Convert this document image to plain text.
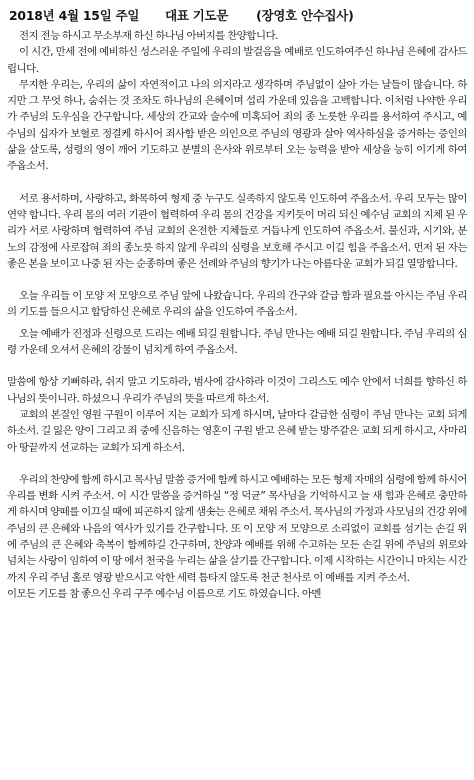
2018년 4월 15일 주일 대표 기도문 (장영호 안수집사)

전지 전능 하시고 무소부재 하신 하나님 아버지를 찬양합니다.

이 시간, 만세 전에 예비하신 성스러운 주일에 우리의 발걸음을 예배로 인도하여주신 하나님 은혜에 감사드립니다.

무지한 우리는, 우리의 삶이 자연적이고 나의 의지라고 생각하며 주님없이 살아 가는 날들이 많습니다. 하지만 그 무엇 하나, 숨쉬는 것 조차도 하나님의 은혜이며 섭리 가운데 있음을 고백합니다. 이처럼 나약한 우리가 주님의 도우심을 간구합니다. 세상의 간교와 술수에 미혹되어 죄의 종 노릇한 우리를 용서하여 주시고, 예수님의 십자가 보혈로 정결케 하시어 죄사함 받은 의인으로 주님의 영광과 살아 역사하심을 증거하는 증인의 삶을 살도록, 성령의 영이 깨어 기도하고 분별의 은사와 위로부터 오는 능력을 받아 세상을 능히 이기게 하여 주옵소서.

서로 용서하며, 사랑하고, 화목하여 형제 중 누구도 실족하지 않도록 인도하여 주옵소서. 우리 모두는 많이 연약 합니다. 우리 몸의 여러 기관이 협력하여 우리 몸의 건강을 지키듯이 머리 되신 예수님 교회의 지체 된 우리가 서로 사랑하며 협력하여 주님 교회의 온전한 지체들로 거듭나게 인도하여 주옵소서. 불신과, 시기와, 분노의 감정에 사로잡혀 죄의 종노릇 하지 않게 우리의 심령을 보호해 주시고 이길 힘을 주옵소서. 먼저 된 자는 좋은 본을 보이고 나중 된 자는 순종하며 좋은 선례와 주님의 향기가 나는 아름다운 교회가 되길 열망합니다.

오늘 우리들 이 모양 저 모양으로 주님 앞에 나왔습니다. 우리의 간구와 갈급 함과 필요를 아시는 주님 우리의 기도를 들으시고 합당하신 은혜로 우리의 삶을 인도하여 주옵소서.

오늘 예배가 진정과 신령으로 드리는 예배 되길 원합니다. 주님 만나는 예배 되길 원합니다. 주님 우리의 심령 가운데 오셔서 은혜의 강물이 넘치게 하여 주옵소서.

말씀에 항상 기뻐하라, 쉬지 말고 기도하라, 범사에 감사하라 이것이 그리스도 예수 안에서 너희를 향하신 하나님의 뜻이니라. 하셨으니 우리가 주님의 뜻을 따르게 하소서.

교회의 본질인 영원 구원이 이루어 지는 교회가 되게 하시며, 날마다 갈급한 심령이 주님 만나는 교회 되게 하소서. 길 잃은 양이 그리고 죄 중에 신음하는 영혼이 구원 받고 은혜 받는 방주같은 교회 되게 하시고, 사마리아 땅끝까지 선교하는 교회가 되게 하소서.

우리의 찬양에 함께 하시고 목사님 말씀 증거에 함께 하시고 예배하는 모든 형제 자매의 심령에 함께 하시어 우리를 변화 시켜 주소서. 이 시간 말씀을 증거하실 “정 덕균” 목사님을 기억하시고 늘 새 힘과 은혜로 충만하게 하시며 양떼를 이끄실 때에 피곤하지 않게 샘솟는 은혜로 채워 주소서. 목사님의 가정과 사모님의 건강 위에 주님의 큰 은혜와 나음의 역사가 있기를 간구합니다. 또 이 모양 저 모양으로 소리없이 교회를 섬기는 손길 위에 주님의 큰 은혜와 축복이 함께하길 간구하며, 찬양과 예배를 위해 수고하는 모든 손길 위에 주님의 위로와 넘치는 사랑이 임하여 이 땅 에서 천국을 누리는 삶을 살기를 간구합니다. 이제 시작하는 시간이니 마치는 시간까지 우리 주님 홀로 영광 받으시고 악한 세력 틈타지 않도록 천군 천사로 이 예배를 지켜 주소서.

이모든 기도를 참 좋으신 우리 구주 예수님 이름으로 기도 하였습니다. 아멘
